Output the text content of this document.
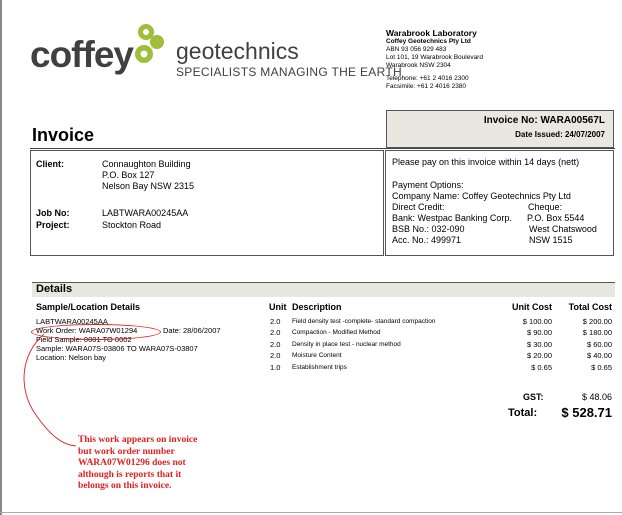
coffey geotechnics
SPECIALISTS MANAGING THE EARTH
Warabrook Laboratory
Coffey Geotechnics Pty Ltd
ABN 93 056 929 483
Lot 101, 19 Warabrook Boulevard
Warabrook NSW 2304
Telephone: +61 2 4016 2300
Facsimile: +61 2 4016 2380
Invoice
Invoice No: WARA00567L
Date Issued: 24/07/2007
Client:	Connaughton Building
P.O. Box 127
Nelson Bay NSW 2315
Job No:	LABTWARA00245AA
Project:	Stockton Road
Please pay on this invoice within 14 days (nett)
Payment Options:
Company Name: Coffey Geotechnics Pty Ltd
Direct Credit:	Cheque:
Bank: Westpac Banking Corp. P.O. Box 5544
BSB No.: 032-090	West Chatswood
Acc. No.: 499971	NSW 1515
Details
Sample/Location Details	Unit Description	Unit Cost	Total Cost
LABTWARA00245AA
Work Order: WARA07W01294	Date: 28/06/2007
Field Sample: 0001 TO 0002
Sample: WARA07S-03806 TO WARA07S-03807
Location: Nelson bay
2.0 Field density test -complete- standard compaction	$ 100.00	$ 200.00
2.0 Compaction - Modified Method	$ 90.00	$ 180.00
2.0 Density in place test - nuclear method	$ 30.00	$ 60.00
2.0 Moisture Content	$ 20.00	$ 40.00
1.0 Establishment trips	$ 0.65	$ 0.65
GST:	$ 48.06
Total:	$ 528.71
This work appears on invoice
but work order number
WARA07W01296 does not
although is reports that it
belongs on this invoice.
